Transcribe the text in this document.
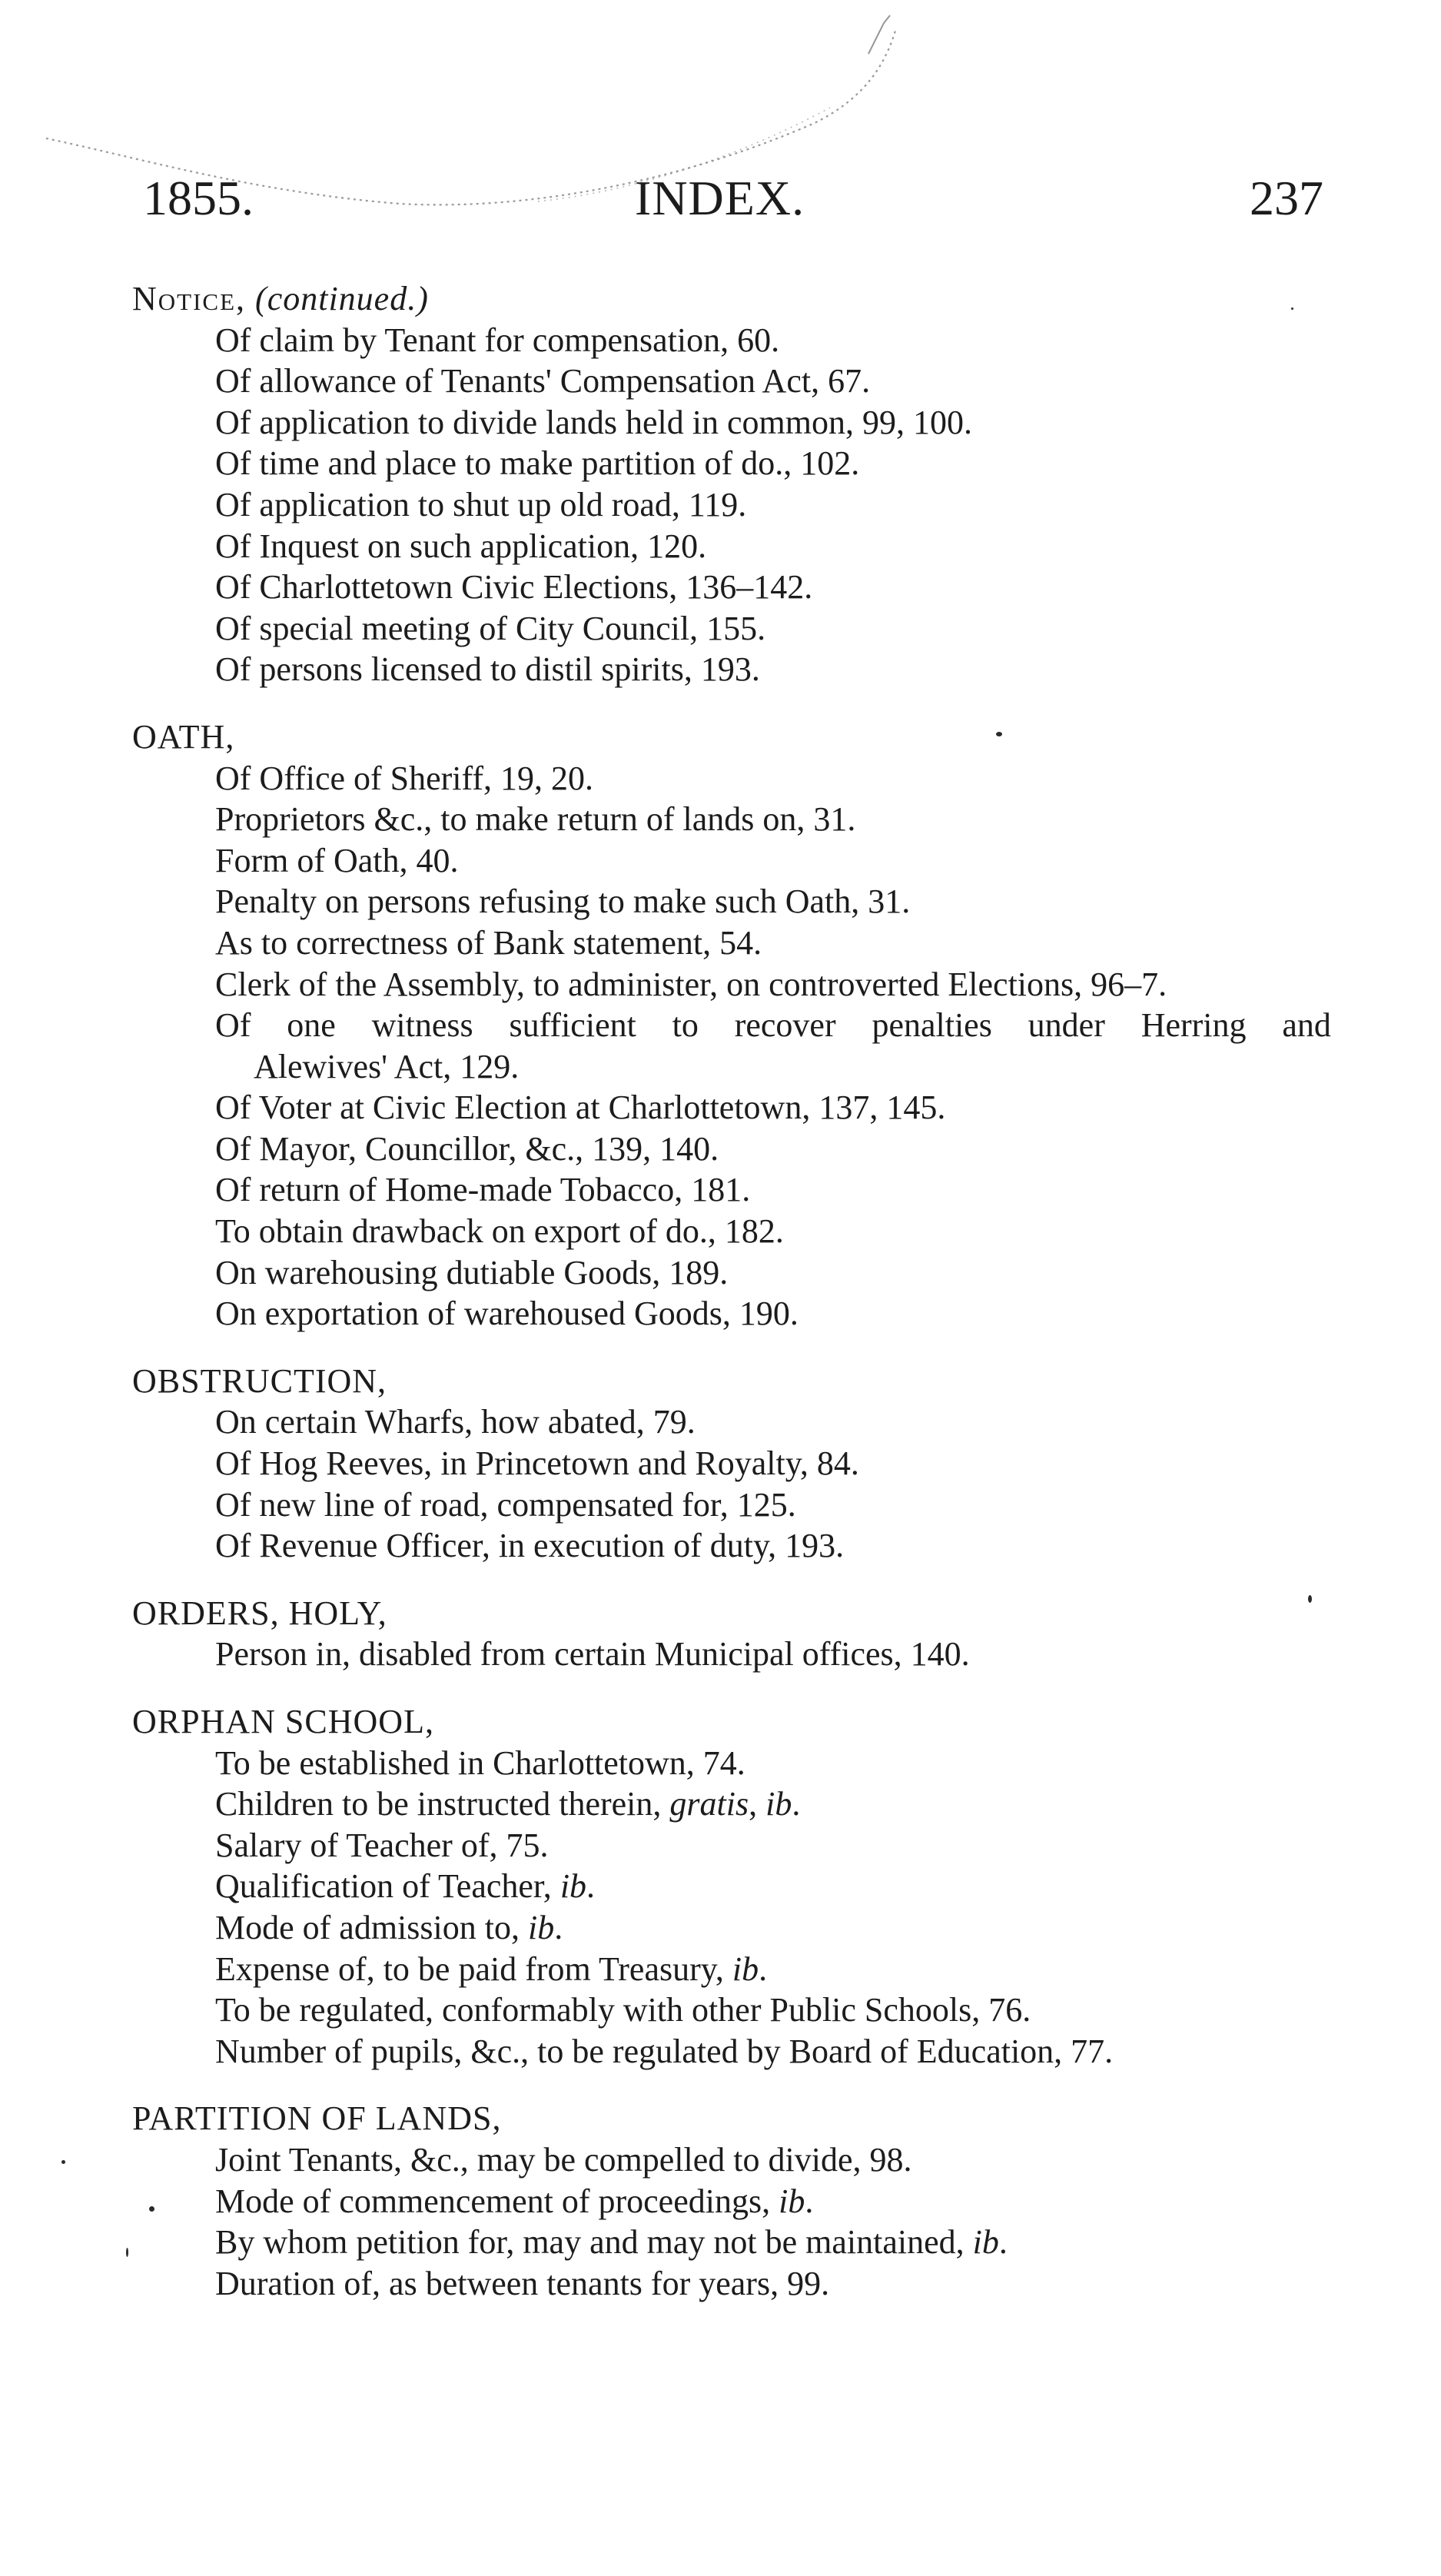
1855.	INDEX.	237
Notice, (continued.)
Of claim by Tenant for compensation, 60.
Of allowance of Tenants' Compensation Act, 67.
Of application to divide lands held in common, 99, 100.
Of time and place to make partition of do., 102.
Of application to shut up old road, 119.
Of Inquest on such application, 120.
Of Charlottetown Civic Elections, 136–142.
Of special meeting of City Council, 155.
Of persons licensed to distil spirits, 193.
OATH,
Of Office of Sheriff, 19, 20.
Proprietors &c., to make return of lands on, 31.
Form of Oath, 40.
Penalty on persons refusing to make such Oath, 31.
As to correctness of Bank statement, 54.
Clerk of the Assembly, to administer, on controverted Elections, 96–7.
Of one witness sufficient to recover penalties under Herring and
Alewives' Act, 129.
Of Voter at Civic Election at Charlottetown, 137, 145.
Of Mayor, Councillor, &c., 139, 140.
Of return of Home-made Tobacco, 181.
To obtain drawback on export of do., 182.
On warehousing dutiable Goods, 189.
On exportation of warehoused Goods, 190.
OBSTRUCTION,
On certain Wharfs, how abated, 79.
Of Hog Reeves, in Princetown and Royalty, 84.
Of new line of road, compensated for, 125.
Of Revenue Officer, in execution of duty, 193.
ORDERS, HOLY,
Person in, disabled from certain Municipal offices, 140.
ORPHAN SCHOOL,
To be established in Charlottetown, 74.
Children to be instructed therein, gratis, ib.
Salary of Teacher of, 75.
Qualification of Teacher, ib.
Mode of admission to, ib.
Expense of, to be paid from Treasury, ib.
To be regulated, conformably with other Public Schools, 76.
Number of pupils, &c., to be regulated by Board of Education, 77.
PARTITION OF LANDS,
Joint Tenants, &c., may be compelled to divide, 98.
Mode of commencement of proceedings, ib.
By whom petition for, may and may not be maintained, ib.
Duration of, as between tenants for years, 99.
